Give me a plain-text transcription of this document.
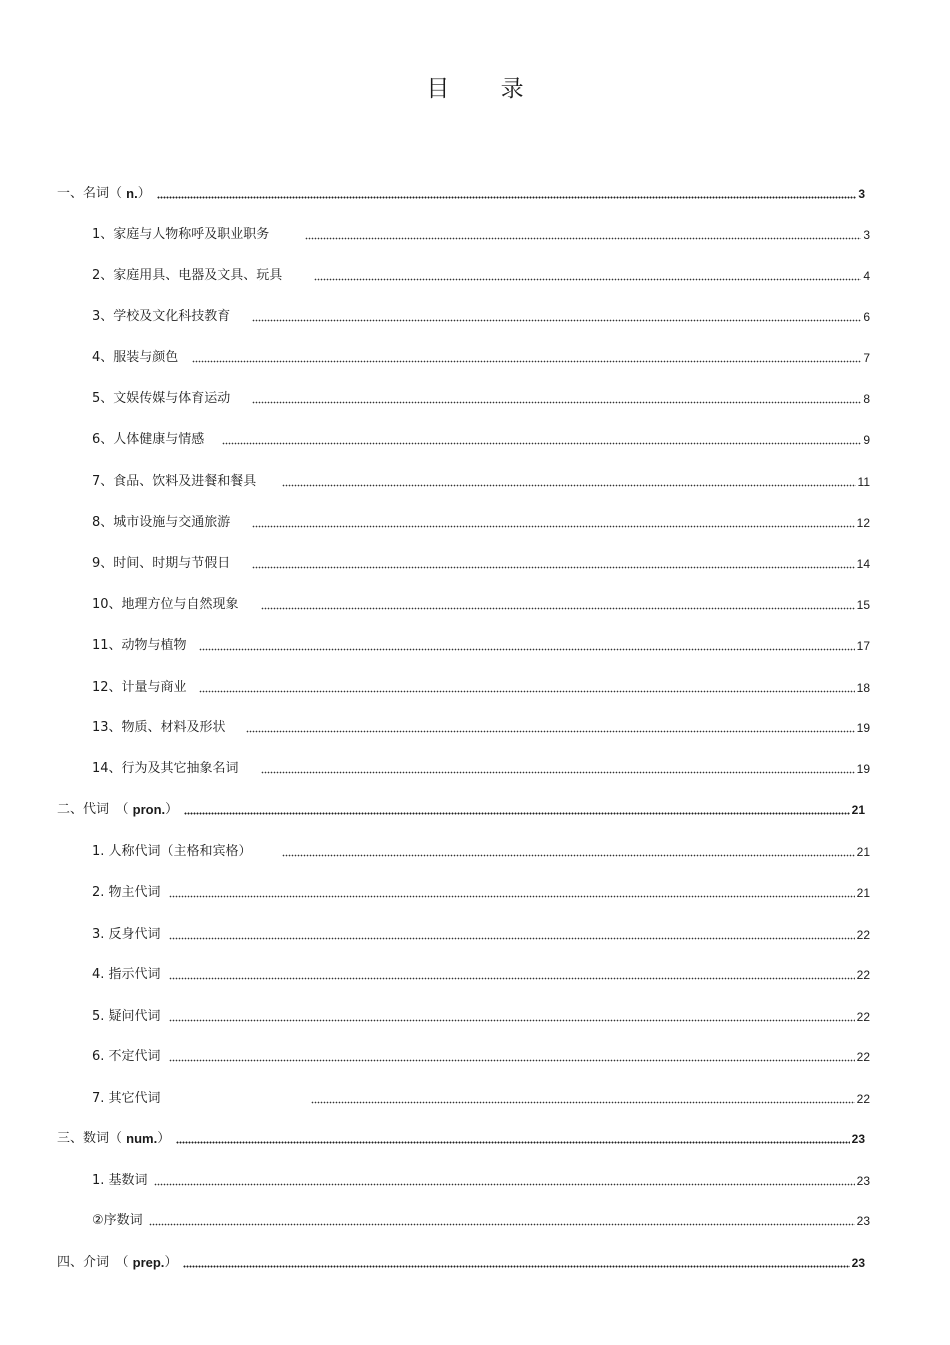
目 录
一、名词（ n. ）	3
1、家庭与人物称呼及职业职务	3
2、家庭用具、电器及文具、玩具	4
3、学校及文化科技教育	6
4、服装与颜色	7
5、文娱传媒与体育运动	8
6、人体健康与情感	9
7、食品、饮料及进餐和餐具	11
8、城市设施与交通旅游	12
9、时间、时期与节假日	14
10、地理方位与自然现象	15
11、动物与植物	17
12、计量与商业	18
13、物质、材料及形状	19
14、行为及其它抽象名词	19
二、代词　（ pron. ）	21
1. 人称代词（主格和宾格）	21
2. 物主代词	21
3. 反身代词	22
4. 指示代词	22
5. 疑问代词	22
6. 不定代词	22
7. 其它代词	22
三、数词（ num. ）	23
1. 基数词	23
②序数词	23
四、介词　（ prep. ）	23
